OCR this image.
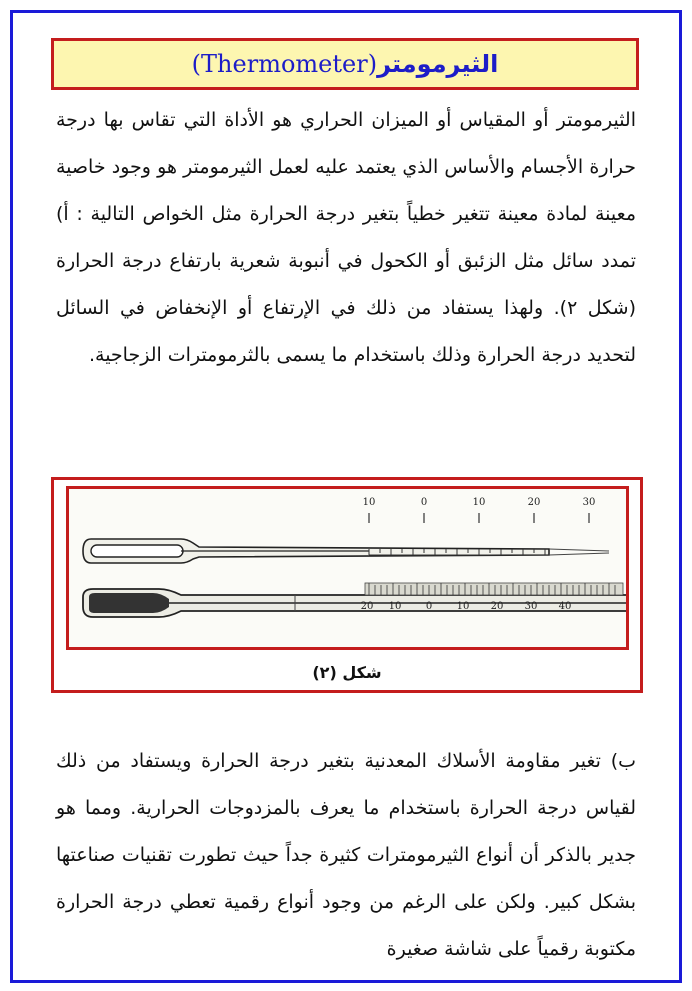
الثيرمومتر(Thermometer)

الثيرمومتر أو المقياس أو الميزان الحراري هو الأداة التي تقاس بها درجة حرارة الأجسام والأساس الذي يعتمد عليه لعمل الثيرمومتر هو وجود خاصية معينة لمادة معينة تتغير خطياً بتغير درجة الحرارة مثل الخواص التالية : أ) تمدد سائل مثل الزئبق أو الكحول في أنبوبة شعرية بارتفاع درجة الحرارة (شكل ٢). ولهذا يستفاد من ذلك في الإرتفاع أو الإنخفاض في السائل لتحديد درجة الحرارة وذلك باستخدام ما يسمى بالثرمومترات الزجاجية.

10	0	10	20	30
20 10 0 10 20 30 40
شكل (٢)

ب) تغير مقاومة الأسلاك المعدنية بتغير درجة الحرارة ويستفاد من ذلك لقياس درجة الحرارة باستخدام ما يعرف بالمزدوجات الحرارية. ومما هو جدير بالذكر أن أنواع الثيرمومترات كثيرة جداً حيث تطورت تقنيات صناعتها بشكل كبير. ولكن على الرغم من وجود أنواع رقمية تعطي درجة الحرارة مكتوبة رقمياً على شاشة صغيرة
